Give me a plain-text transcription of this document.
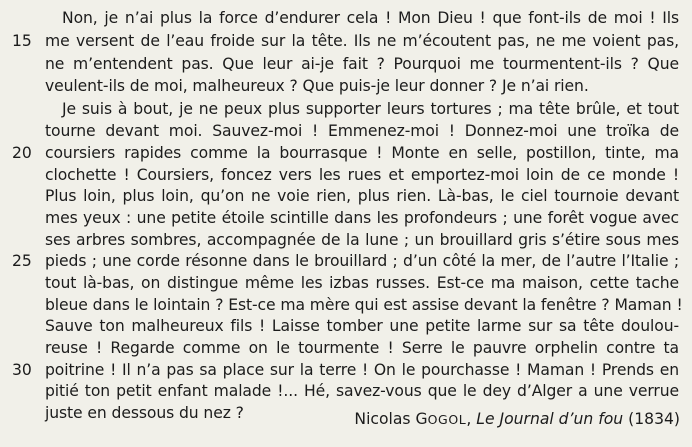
Non, je n’ai plus la force d’endurer cela ! Mon Dieu ! que font-ils de moi ! Ils
me versent de l’eau froide sur la tête. Ils ne m’écoutent pas, ne me voient pas,
ne m’entendent pas. Que leur ai-je fait ? Pourquoi me tourmentent-ils ? Que
veulent-ils de moi, malheureux ? Que puis-je leur donner ? Je n’ai rien.
Je suis à bout, je ne peux plus supporter leurs tortures ; ma tête brûle, et tout
tourne devant moi. Sauvez-moi ! Emmenez-moi ! Donnez-moi une troïka de
coursiers rapides comme la bourrasque ! Monte en selle, postillon, tinte, ma
clochette ! Coursiers, foncez vers les rues et emportez-moi loin de ce monde !
Plus loin, plus loin, qu’on ne voie rien, plus rien. Là-bas, le ciel tournoie devant
mes yeux : une petite étoile scintille dans les profondeurs ; une forêt vogue avec
ses arbres sombres, accompagnée de la lune ; un brouillard gris s’étire sous mes
pieds ; une corde résonne dans le brouillard ; d’un côté la mer, de l’autre l’Italie ;
tout là-bas, on distingue même les izbas russes. Est-ce ma maison, cette tache
bleue dans le lointain ? Est-ce ma mère qui est assise devant la fenêtre ? Maman !
Sauve ton malheureux fils ! Laisse tomber une petite larme sur sa tête doulou-
reuse ! Regarde comme on le tourmente ! Serre le pauvre orphelin contre ta
poitrine ! Il n’a pas sa place sur la terre ! On le pourchasse ! Maman ! Prends en
pitié ton petit enfant malade !... Hé, savez-vous que le dey d’Alger a une verrue
juste en dessous du nez ?
15
20
25
30
Nicolas GOGOL, Le Journal d’un fou (1834)
